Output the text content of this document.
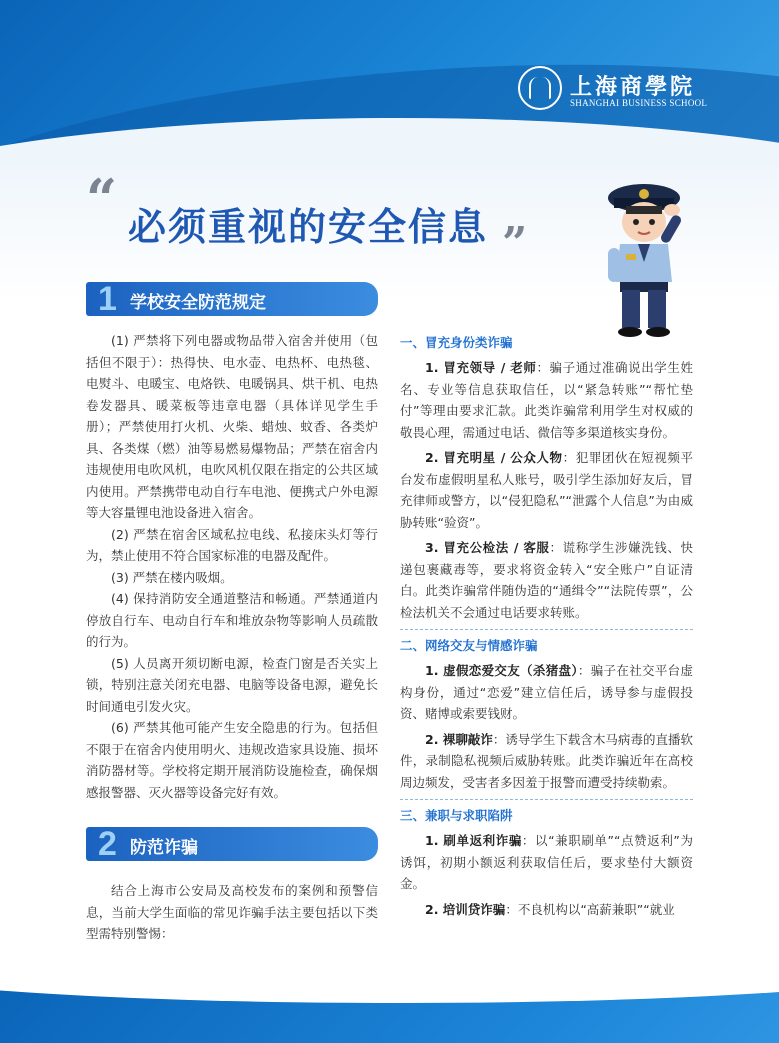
上海商學院
SHANGHAI BUSINESS SCHOOL
“ 必须重视的安全信息 ”
1 学校安全防范规定

(1) 严禁将下列电器或物品带入宿舍并使用（包括但不限于）：热得快、电水壶、电热杯、电热毯、电熨斗、电暖宝、电烙铁、电暖锅具、烘干机、电热卷发器具、暖菜板等违章电器（具体详见学生手册）；严禁使用打火机、火柴、蜡烛、蚊香、各类炉具、各类煤（燃）油等易燃易爆物品；严禁在宿舍内违规使用电吹风机，电吹风机仅限在指定的公共区域内使用。严禁携带电动自行车电池、便携式户外电源等大容量锂电池设备进入宿舍。

(2) 严禁在宿舍区域私拉电线、私接床头灯等行为，禁止使用不符合国家标准的电器及配件。

(3) 严禁在楼内吸烟。

(4) 保持消防安全通道整洁和畅通。严禁通道内停放自行车、电动自行车和堆放杂物等影响人员疏散的行为。

(5) 人员离开须切断电源，检查门窗是否关实上锁，特别注意关闭充电器、电脑等设备电源，避免长时间通电引发火灾。

(6) 严禁其他可能产生安全隐患的行为。包括但不限于在宿舍内使用明火、违规改造家具设施、损坏消防器材等。学校将定期开展消防设施检查，确保烟感报警器、灭火器等设备完好有效。

2 防范诈骗

结合上海市公安局及高校发布的案例和预警信息，当前大学生面临的常见诈骗手法主要包括以下类型需特别警惕：

一、冒充身份类诈骗

1. 冒充领导 / 老师：骗子通过准确说出学生姓名、专业等信息获取信任，以“紧急转账”“帮忙垫付”等理由要求汇款。此类诈骗常利用学生对权威的敬畏心理，需通过电话、微信等多渠道核实身份。

2. 冒充明星 / 公众人物：犯罪团伙在短视频平台发布虚假明星私人账号，吸引学生添加好友后，冒充律师或警方，以“侵犯隐私”“泄露个人信息”为由威胁转账“验资”。

3. 冒充公检法 / 客服：谎称学生涉嫌洗钱、快递包裹藏毒等，要求将资金转入“安全账户”自证清白。此类诈骗常伴随伪造的“通缉令”“法院传票”，公检法机关不会通过电话要求转账。

二、网络交友与情感诈骗

1. 虚假恋爱交友（杀猪盘）：骗子在社交平台虚构身份，通过“恋爱”建立信任后，诱导参与虚假投资、赌博或索要钱财。

2. 裸聊敲诈：诱导学生下载含木马病毒的直播软件，录制隐私视频后威胁转账。此类诈骗近年在高校周边频发，受害者多因羞于报警而遭受持续勒索。

三、兼职与求职陷阱

1. 刷单返利诈骗：以“兼职刷单”“点赞返利”为诱饵，初期小额返利获取信任后，要求垫付大额资金。

2. 培训贷诈骗：不良机构以“高薪兼职”“就业

25
